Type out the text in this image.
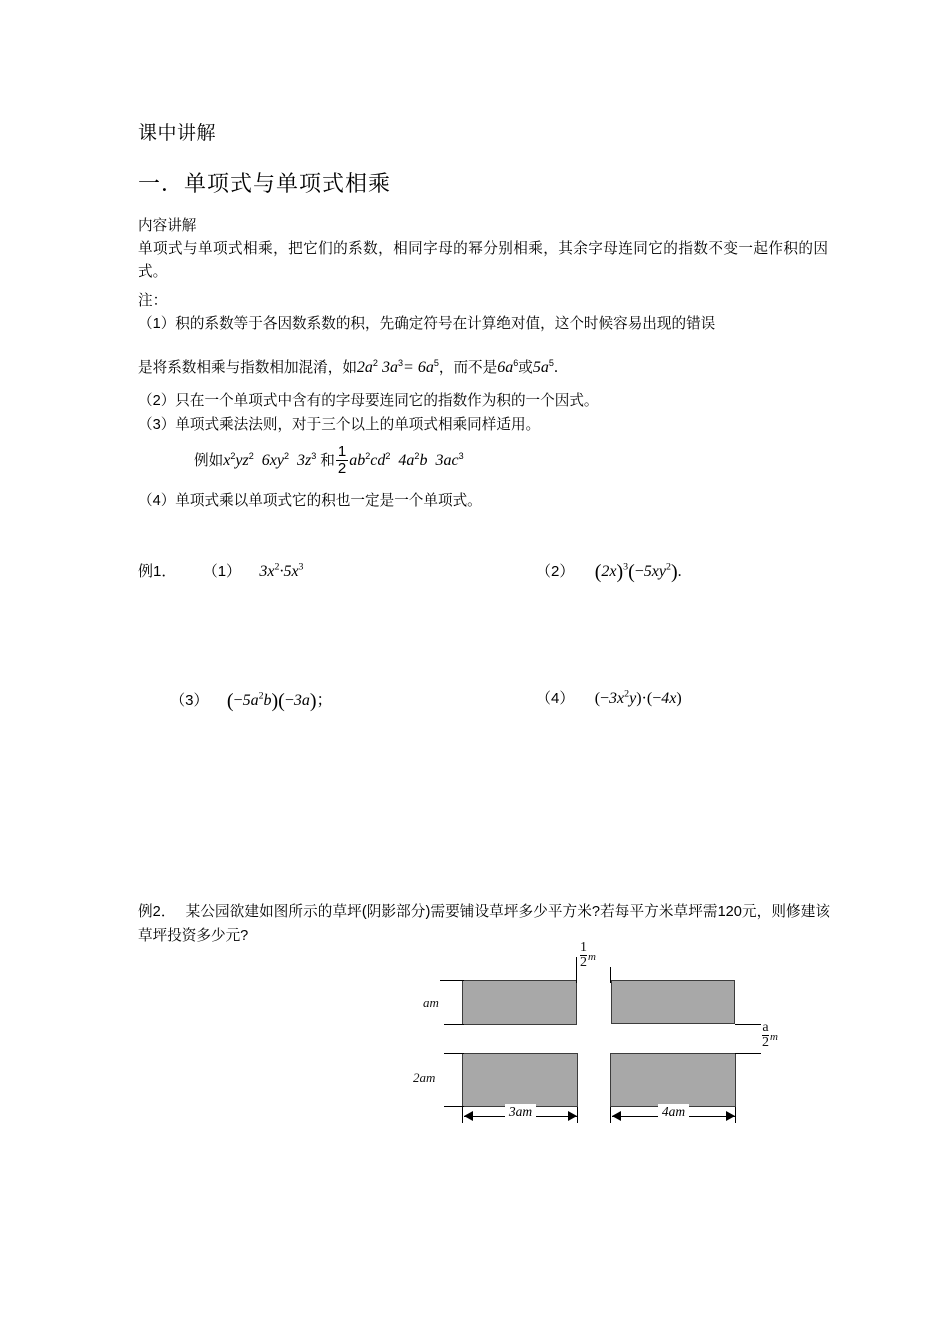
课中讲解
一．单项式与单项式相乘
内容讲解
单项式与单项式相乘，把它们的系数，相同字母的幂分别相乘，其余字母连同它的指数不变一起作积的因式。
注：
（1）积的系数等于各因数系数的积，先确定符号在计算绝对值，这个时候容易出现的错误
是将系数相乘与指数相加混淆，如$2a^2$ $3a^3= 6a^5$，而不是$6a^6$或$5a^5$.
（2）只在一个单项式中含有的字母要连同它的指数作为积的一个因式。
（3）单项式乘法法则，对于三个以上的单项式相乘同样适用。
例如$x^2yz^2$ $6xy^2$ $3z^3$ 和 $\frac{1}{2} ab^2cd^2$ $4a^2b$ $3ac^3$
（4）单项式乘以单项式它的积也一定是一个单项式。
例1． （1） $3x^2\cdot 5x^3$	（2） $(2x)^3(-5xy^2)$.
（3） $(-5a^2b)(-3a)$；	（4） $(-3x^2y)\cdot(-4x)$
例2． 某公园欲建如图所示的草坪(阴影部分)需要铺设草坪多少平方米?若每平方米草坪需120元，则修建该草坪投资多少元?
am
2am
$\frac{1}{2}$ m
$\frac{a}{2}$ m
3am	4am
